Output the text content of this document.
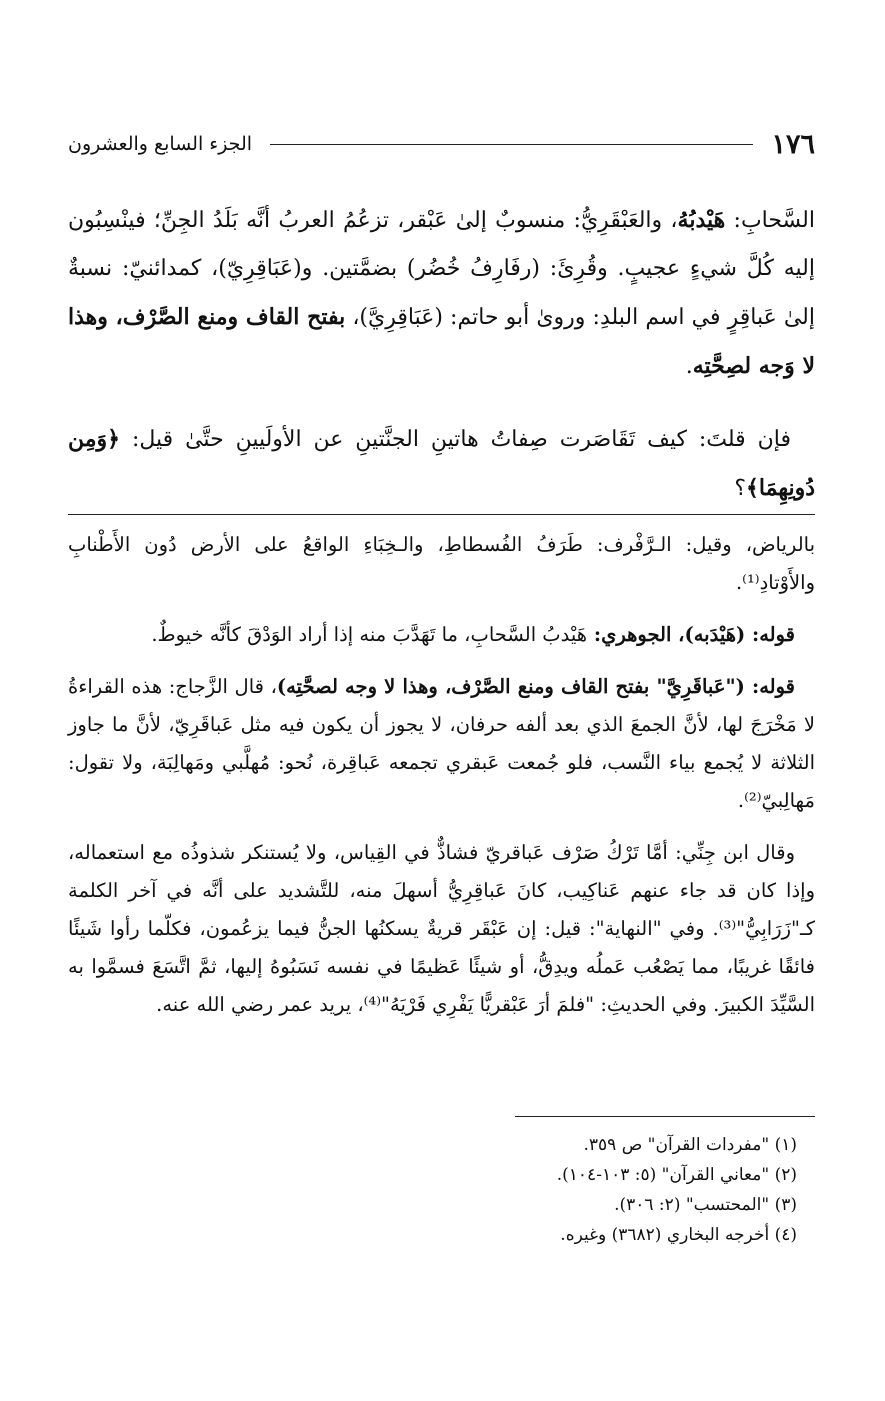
١٧٦
الجزء السابع والعشرون

السَّحابِ: هَيْدبُهُ، والعَبْقَرِيُّ: منسوبٌ إلىٰ عَبْقر، تزعُمُ العربُ أنَّه بَلَدُ الجِنِّ؛ فينْسِبُون إليه كُلَّ شيءٍ عجيبٍ. وقُرِئَ: (رفَارِفُ خُضُر) بضمَّتين. و(عَبَاقِرِيّ)، كمدائنيّ: نسبةٌ إلىٰ عَباقِرٍ في اسم البلدِ: ورویٰ أبو حاتم: (عَبَاقِرِيَّ)، بفتح القاف ومنع الصَّرْف، وهذا لا وَجه لصِحَّتِه.

فإن قلتَ: كيف تَقَاصَرت صِفاتُ هاتينِ الجنَّتينِ عن الأولَيينِ حتَّىٰ قيل: ﴿وَمِن دُونِهِمَا﴾؟

بالرياض، وقيل: الـرَّفْرف: طَرَفُ الفُسطاطِ، والـخِبَاءِ الواقعُ على الأرض دُون الأَطْنابِ والأَوْتادِ⁽¹⁾.

قوله: (هَيْدَبه)، الجوهري: هَيْدبُ السَّحابِ، ما تَهَدَّبَ منه إذا أراد الوَدْقَ كأنَّه خيوطٌ.

قوله: ("عَباقَرِيَّ" بفتح القاف ومنع الصَّرْف، وهذا لا وجه لصحَّتِه)، قال الزَّجاج: هذه القراءةُ لا مَخْرَجَ لها، لأنَّ الجمعَ الذي بعد ألفه حرفان، لا يجوز أن يكون فيه مثل عَباقَرِيّ، لأنَّ ما جاوز الثلاثة لا يُجمع بياء النَّسب، فلو جُمعت عَبقري تجمعه عَباقِرة، نُحو: مُهلَّبي ومَهالِبَة، ولا تقول: مَهالِبيّ⁽²⁾.

وقال ابن جِنِّي: أمَّا تَرْكُ صَرْف عَباقريّ فشاذٌّ في القِياس، ولا يُستنكر شذوذُه مع استعماله، وإذا كان قد جاء عنهم عَناكِيب، كانَ عَباقِرِيُّ أسهلَ منه، للتَّشديد على أنَّه في آخر الكلمة كـ"زَرَابِيُّ"⁽³⁾. وفي "النهاية": قيل: إن عَبْقَر قريةٌ يسكنُها الجنُّ فيما يزعُمون، فكلّما رأوا شَيئًا فائقًا غريبًا، مما يَصْعُب عَملُه ويدِقُّ، أو شيئًا عَظيمًا في نفسه نَسَبُوهُ إليها، ثمَّ اتَّسَعَ فسمَّوا به السَّيِّدَ الكبيرَ. وفي الحديثِ: "فلمَ أرَ عَبْقريًّا يَفْرِي فَرْيَهُ"⁽⁴⁾، يريد عمر رضي الله عنه.

(١) "مفردات القرآن" ص ٣٥٩.
(٢) "معاني القرآن" (٥: ١٠٣-١٠٤).
(٣) "المحتسب" (٢: ٣٠٦).
(٤) أخرجه البخاري (٣٦٨٢) وغيره.
